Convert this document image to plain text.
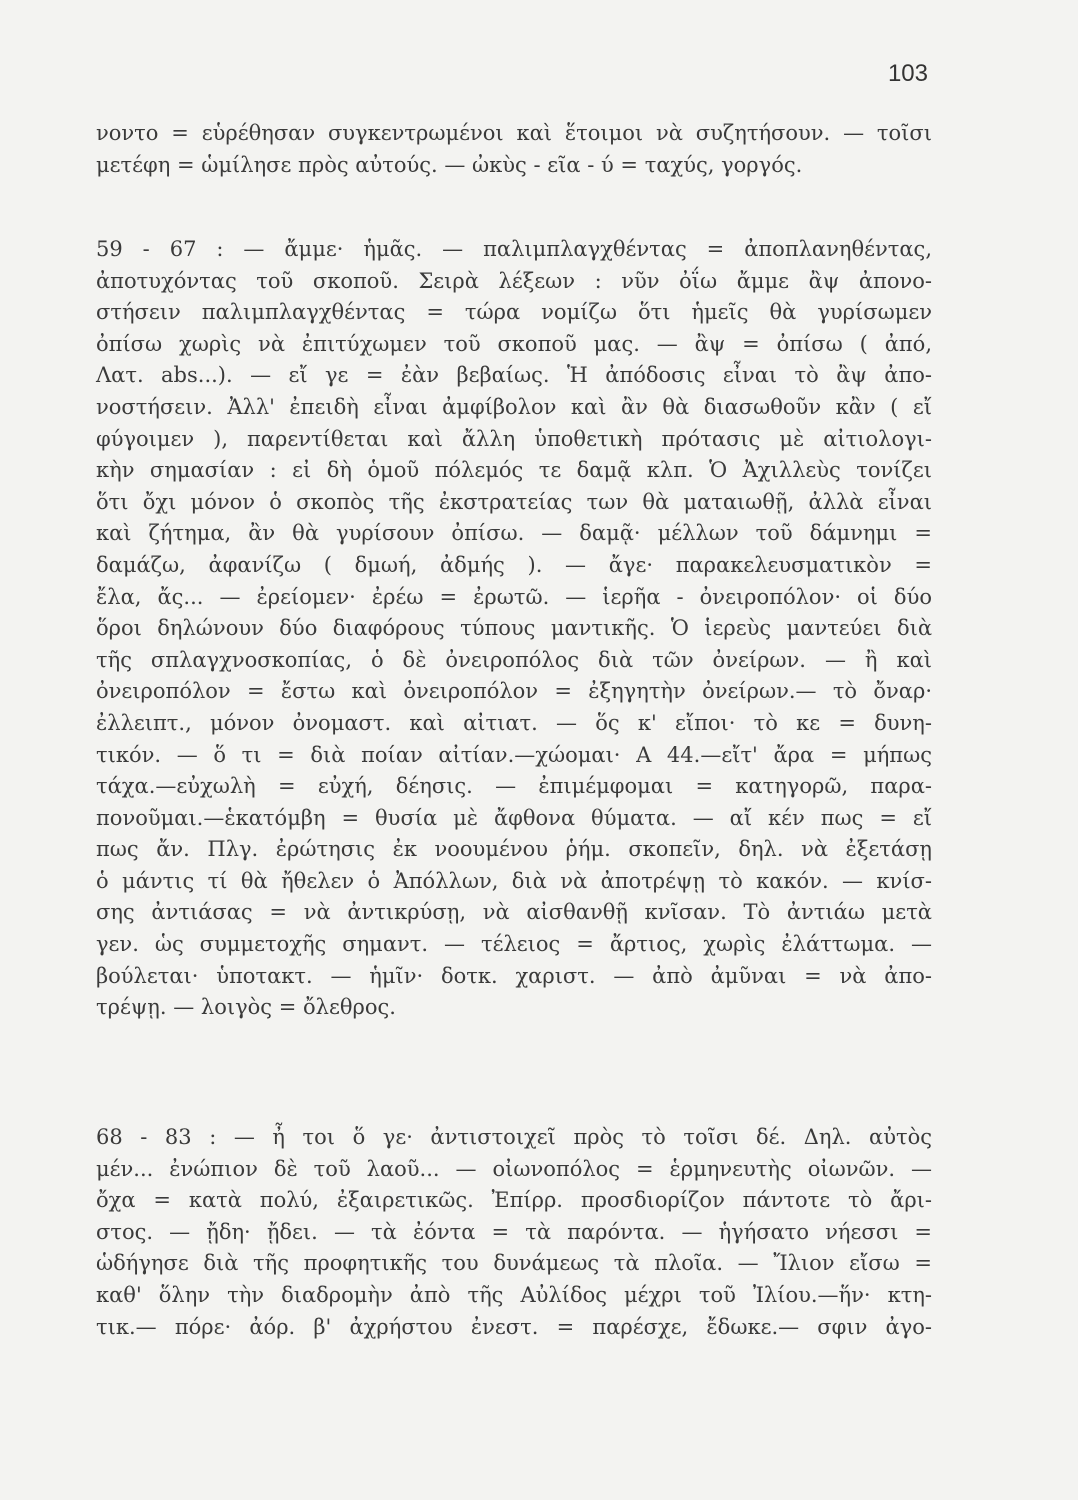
103
νοντο = εὑρέθησαν συγκεντρωμένοι καὶ ἕτοιμοι νὰ συζητήσουν. — τοῖσι
μετέφη = ὡμίλησε πρὸς αὐτούς. — ὠκὺς - εῖα - ύ = ταχύς, γοργός.
59 - 67 : — ἄμμε· ἡμᾶς. — παλιμπλαγχθέντας = ἀποπλανηθέντας,
ἀποτυχόντας τοῦ σκοποῦ. Σειρὰ λέξεων : νῦν ὀΐω ἄμμε ἂψ ἀπονο-
στήσειν παλιμπλαγχθέντας = τώρα νομίζω ὅτι ἡμεῖς θὰ γυρίσωμεν
ὀπίσω χωρὶς νὰ ἐπιτύχωμεν τοῦ σκοποῦ μας. — ἂψ = ὀπίσω ( ἀπό,
Λατ. abs...). — εἴ γε = ἐὰν βεβαίως. Ἡ ἀπόδοσις εἶναι τὸ ἂψ ἀπο-
νοστήσειν. Ἀλλ' ἐπειδὴ εἶναι ἀμφίβολον καὶ ἂν θὰ διασωθοῦν κἂν ( εἴ
φύγοιμεν ), παρεντίθεται καὶ ἄλλη ὑποθετικὴ πρότασις μὲ αἰτιολογι-
κὴν σημασίαν : εἰ δὴ ὁμοῦ πόλεμός τε δαμᾷ κλπ. Ὁ Ἀχιλλεὺς τονίζει
ὅτι ὄχι μόνον ὁ σκοπὸς τῆς ἐκστρατείας των θὰ ματαιωθῇ, ἀλλὰ εἶναι
καὶ ζήτημα, ἂν θὰ γυρίσουν ὀπίσω. — δαμᾷ· μέλλων τοῦ δάμνημι =
δαμάζω, ἀφανίζω ( δμωή, ἀδμής ). — ἄγε· παρακελευσματικὸν =
ἔλα, ἄς... — ἐρείομεν· ἐρέω = ἐρωτῶ. — ἱερῆα - ὀνειροπόλον· οἱ δύο
ὅροι δηλώνουν δύο διαφόρους τύπους μαντικῆς. Ὁ ἱερεὺς μαντεύει διὰ
τῆς σπλαγχνοσκοπίας, ὁ δὲ ὀνειροπόλος διὰ τῶν ὀνείρων. — ἢ καὶ
ὀνειροπόλον = ἔστω καὶ ὀνειροπόλον = ἐξηγητὴν ὀνείρων.— τὸ ὄναρ·
ἐλλειπτ., μόνον ὀνομαστ. καὶ αἰτιατ. — ὅς κ' εἴποι· τὸ κε = δυνη-
τικόν. — ὅ τι = διὰ ποίαν αἰτίαν.—χώομαι· Α 44.—εἴτ' ἄρα = μήπως
τάχα.—εὐχωλὴ = εὐχή, δέησις. — ἐπιμέμφομαι = κατηγορῶ, παρα-
πονοῦμαι.—ἑκατόμβη = θυσία μὲ ἄφθονα θύματα. — αἴ κέν πως = εἴ
πως ἄν. Πλγ. ἐρώτησις ἐκ νοουμένου ῥήμ. σκοπεῖν, δηλ. νὰ ἐξετάσῃ
ὁ μάντις τί θὰ ἤθελεν ὁ Ἀπόλλων, διὰ νὰ ἀποτρέψῃ τὸ κακόν. — κνίσ-
σης ἀντιάσας = νὰ ἀντικρύσῃ, νὰ αἰσθανθῇ κνῖσαν. Τὸ ἀντιάω μετὰ
γεν. ὡς συμμετοχῆς σημαντ. — τέλειος = ἄρτιος, χωρὶς ἐλάττωμα. —
βούλεται· ὑποτακτ. — ἡμῖν· δοτκ. χαριστ. — ἀπὸ ἀμῦναι = νὰ ἀπο-
τρέψῃ. — λοιγὸς = ὄλεθρος.
68 - 83 : — ἦ τοι ὅ γε· ἀντιστοιχεῖ πρὸς τὸ τοῖσι δέ. Δηλ. αὐτὸς
μέν... ἐνώπιον δὲ τοῦ λαοῦ... — οἰωνοπόλος = ἑρμηνευτὴς οἰωνῶν. —
ὄχα = κατὰ πολύ, ἐξαιρετικῶς. Ἐπίρρ. προσδιορίζον πάντοτε τὸ ἄρι-
στος. — ᾔδη· ᾔδει. — τὰ ἐόντα = τὰ παρόντα. — ἡγήσατο νήεσσι =
ὡδήγησε διὰ τῆς προφητικῆς του δυνάμεως τὰ πλοῖα. — Ἴλιον εἴσω =
καθ' ὅλην τὴν διαδρομὴν ἀπὸ τῆς Αὐλίδος μέχρι τοῦ Ἰλίου.—ἥν· κτη-
τικ.— πόρε· ἀόρ. β' ἀχρήστου ἐνεστ. = παρέσχε, ἔδωκε.— σφιν ἀγο-
